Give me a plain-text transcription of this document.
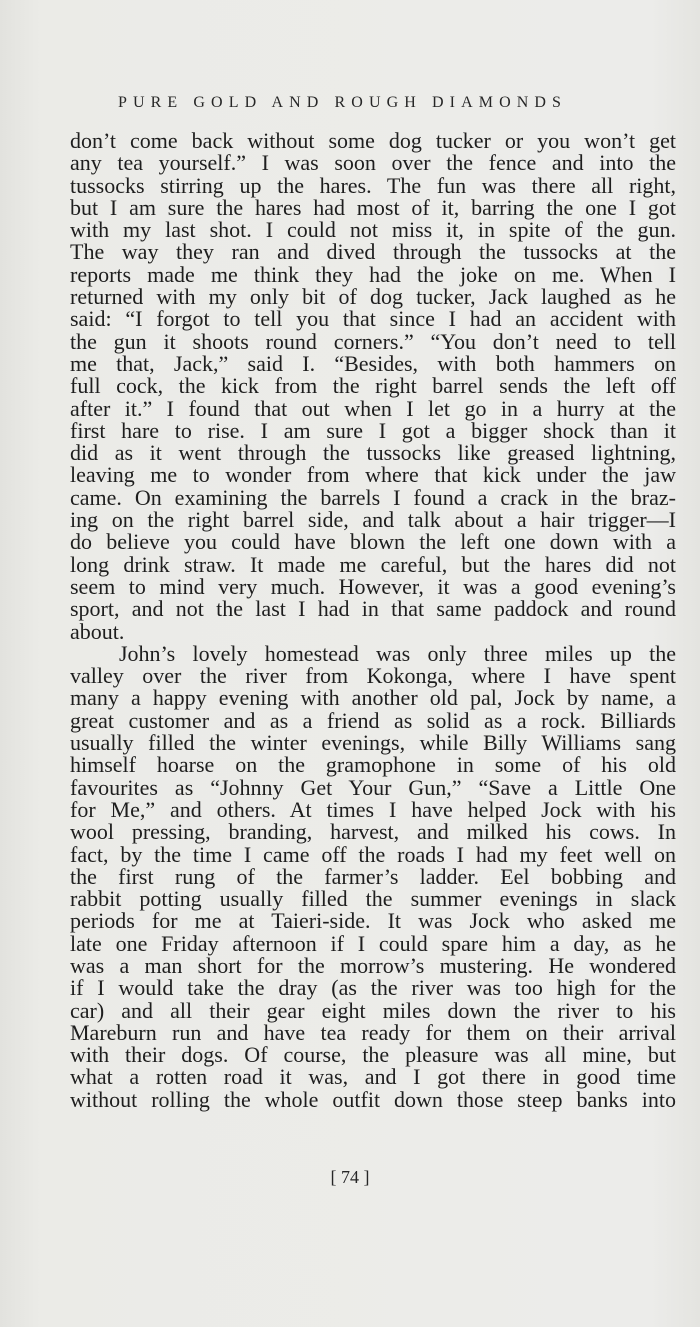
PURE GOLD AND ROUGH DIAMONDS
don’t come back without some dog tucker or you won’t get
any tea yourself.” I was soon over the fence and into the
tussocks stirring up the hares. The fun was there all right,
but I am sure the hares had most of it, barring the one I got
with my last shot. I could not miss it, in spite of the gun.
The way they ran and dived through the tussocks at the
reports made me think they had the joke on me. When I
returned with my only bit of dog tucker, Jack laughed as he
said: “I forgot to tell you that since I had an accident with
the gun it shoots round corners.” “You don’t need to tell
me that, Jack,” said I. “Besides, with both hammers on
full cock, the kick from the right barrel sends the left off
after it.” I found that out when I let go in a hurry at the
first hare to rise. I am sure I got a bigger shock than it
did as it went through the tussocks like greased lightning,
leaving me to wonder from where that kick under the jaw
came. On examining the barrels I found a crack in the braz-
ing on the right barrel side, and talk about a hair trigger—I
do believe you could have blown the left one down with a
long drink straw. It made me careful, but the hares did not
seem to mind very much. However, it was a good evening’s
sport, and not the last I had in that same paddock and round
about.
John’s lovely homestead was only three miles up the
valley over the river from Kokonga, where I have spent
many a happy evening with another old pal, Jock by name, a
great customer and as a friend as solid as a rock. Billiards
usually filled the winter evenings, while Billy Williams sang
himself hoarse on the gramophone in some of his old
favourites as “Johnny Get Your Gun,” “Save a Little One
for Me,” and others. At times I have helped Jock with his
wool pressing, branding, harvest, and milked his cows. In
fact, by the time I came off the roads I had my feet well on
the first rung of the farmer’s ladder. Eel bobbing and
rabbit potting usually filled the summer evenings in slack
periods for me at Taieri-side. It was Jock who asked me
late one Friday afternoon if I could spare him a day, as he
was a man short for the morrow’s mustering. He wondered
if I would take the dray (as the river was too high for the
car) and all their gear eight miles down the river to his
Mareburn run and have tea ready for them on their arrival
with their dogs. Of course, the pleasure was all mine, but
what a rotten road it was, and I got there in good time
without rolling the whole outfit down those steep banks into
[ 74 ]
